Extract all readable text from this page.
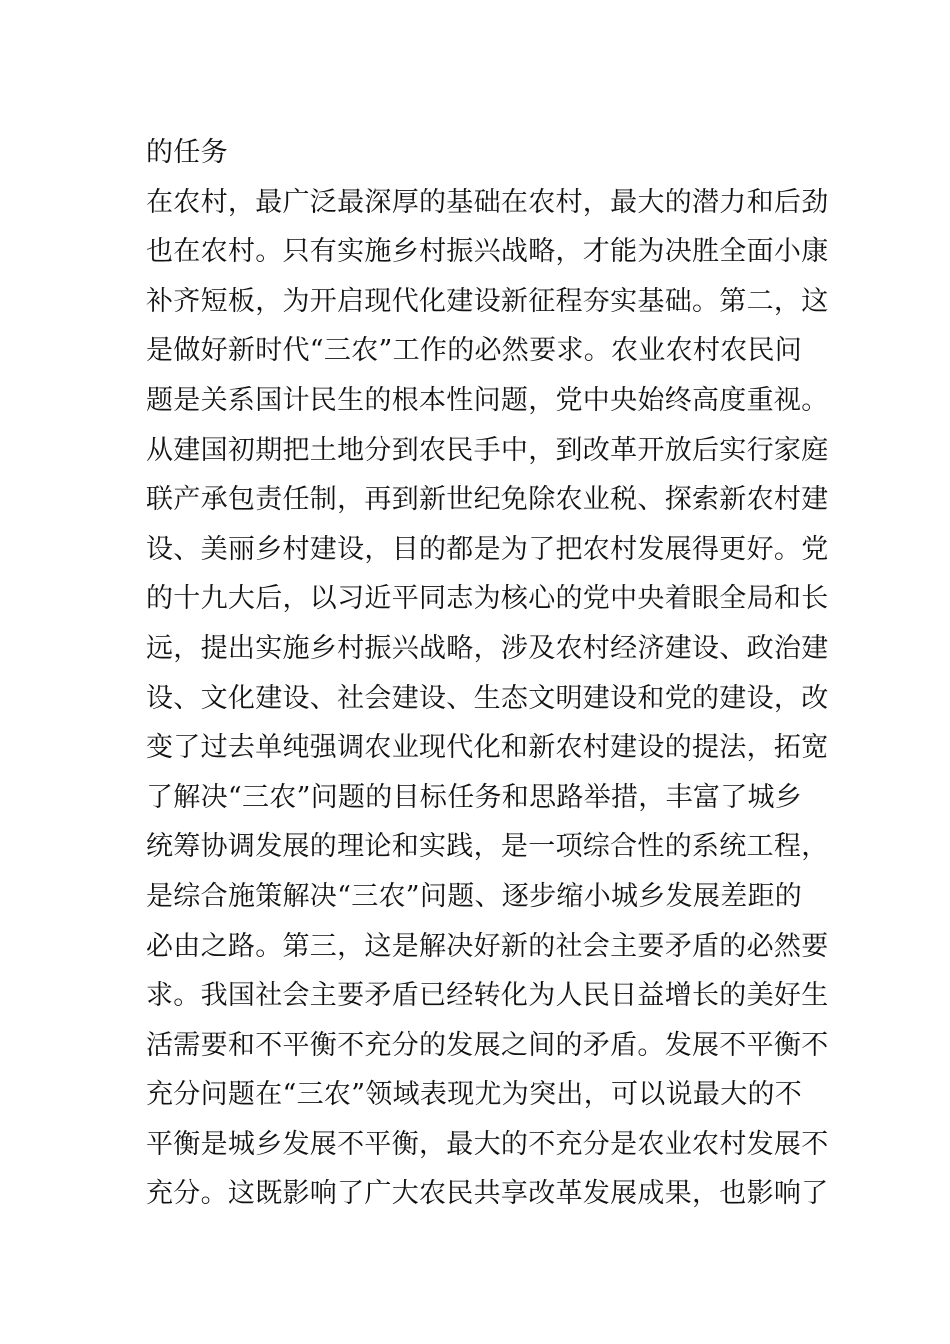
的任务
在农村，最广泛最深厚的基础在农村，最大的潜力和后劲
也在农村。只有实施乡村振兴战略，才能为决胜全面小康
补齐短板，为开启现代化建设新征程夯实基础。第二，这
是做好新时代“三农”工作的必然要求。农业农村农民问
题是关系国计民生的根本性问题，党中央始终高度重视。
从建国初期把土地分到农民手中，到改革开放后实行家庭
联产承包责任制，再到新世纪免除农业税、探索新农村建
设、美丽乡村建设，目的都是为了把农村发展得更好。党
的十九大后，以习近平同志为核心的党中央着眼全局和长
远，提出实施乡村振兴战略，涉及农村经济建设、政治建
设、文化建设、社会建设、生态文明建设和党的建设，改
变了过去单纯强调农业现代化和新农村建设的提法，拓宽
了解决“三农”问题的目标任务和思路举措，丰富了城乡
统筹协调发展的理论和实践，是一项综合性的系统工程，
是综合施策解决“三农”问题、逐步缩小城乡发展差距的
必由之路。第三，这是解决好新的社会主要矛盾的必然要
求。我国社会主要矛盾已经转化为人民日益增长的美好生
活需要和不平衡不充分的发展之间的矛盾。发展不平衡不
充分问题在“三农”领域表现尤为突出，可以说最大的不
平衡是城乡发展不平衡，最大的不充分是农业农村发展不
充分。这既影响了广大农民共享改革发展成果，也影响了
